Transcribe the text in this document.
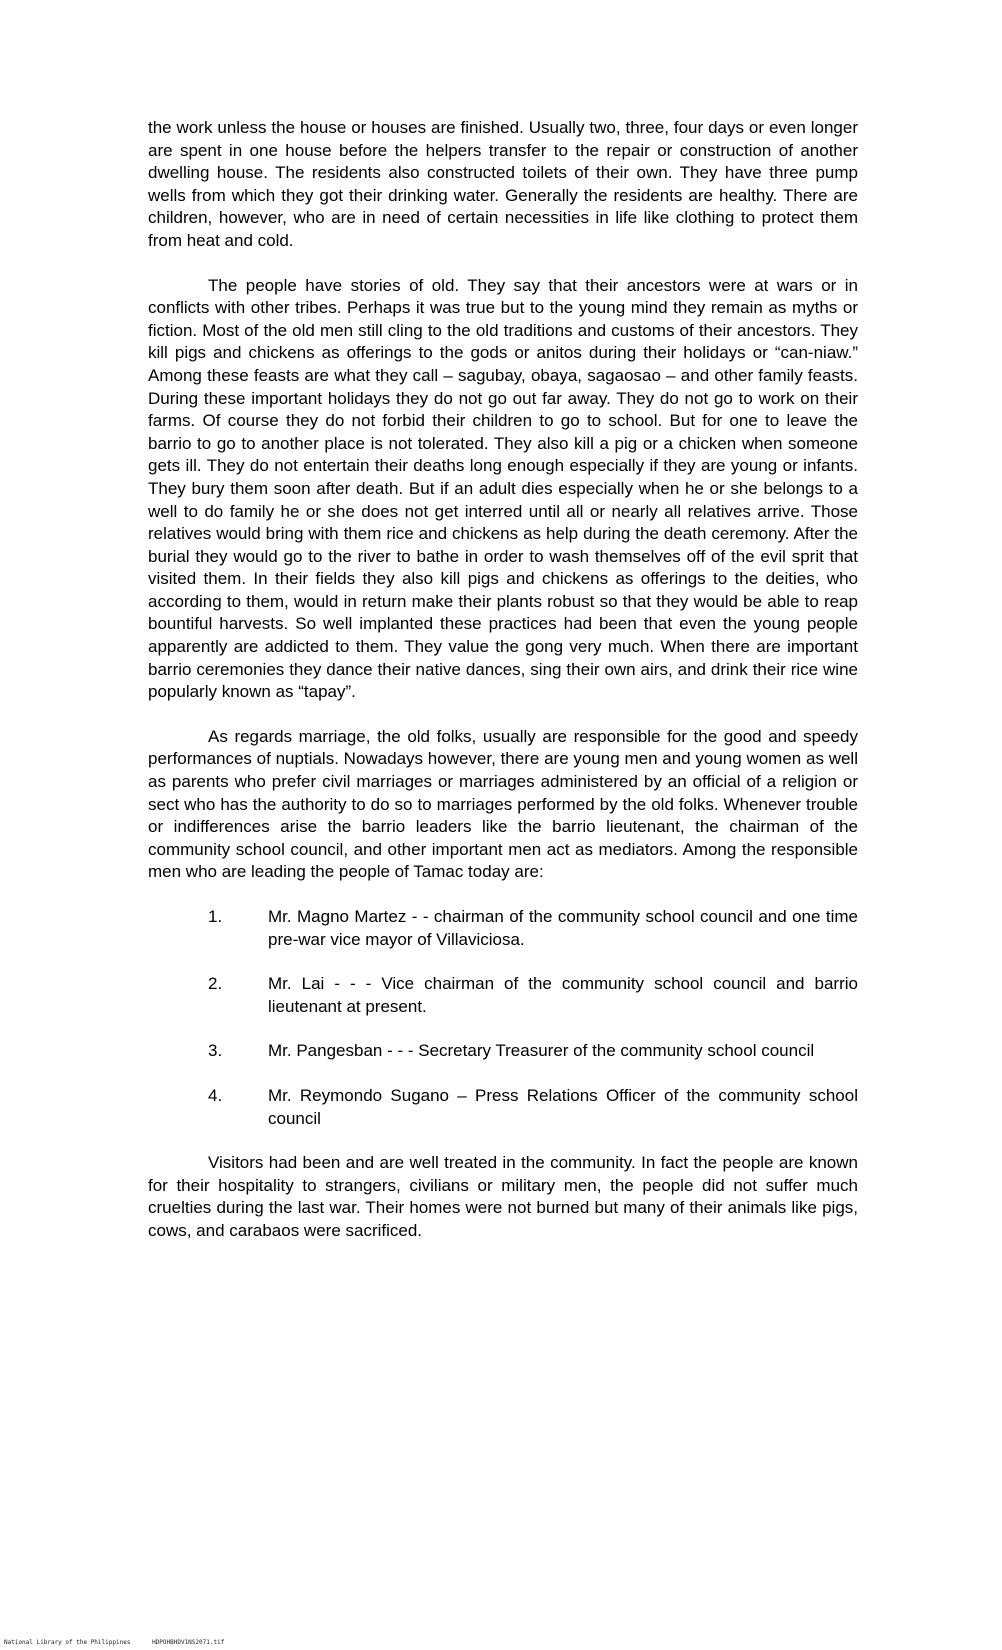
the work unless the house or houses are finished. Usually two, three, four days or even longer are spent in one house before the helpers transfer to the repair or construction of another dwelling house. The residents also constructed toilets of their own. They have three pump wells from which they got their drinking water. Generally the residents are healthy. There are children, however, who are in need of certain necessities in life like clothing to protect them from heat and cold.

The people have stories of old. They say that their ancestors were at wars or in conflicts with other tribes. Perhaps it was true but to the young mind they remain as myths or fiction. Most of the old men still cling to the old traditions and customs of their ancestors. They kill pigs and chickens as offerings to the gods or anitos during their holidays or “can-niaw.” Among these feasts are what they call – sagubay, obaya, sagaosao – and other family feasts. During these important holidays they do not go out far away. They do not go to work on their farms. Of course they do not forbid their children to go to school. But for one to leave the barrio to go to another place is not tolerated. They also kill a pig or a chicken when someone gets ill. They do not entertain their deaths long enough especially if they are young or infants. They bury them soon after death. But if an adult dies especially when he or she belongs to a well to do family he or she does not get interred until all or nearly all relatives arrive. Those relatives would bring with them rice and chickens as help during the death ceremony. After the burial they would go to the river to bathe in order to wash themselves off of the evil sprit that visited them. In their fields they also kill pigs and chickens as offerings to the deities, who according to them, would in return make their plants robust so that they would be able to reap bountiful harvests. So well implanted these practices had been that even the young people apparently are addicted to them. They value the gong very much. When there are important barrio ceremonies they dance their native dances, sing their own airs, and drink their rice wine popularly known as “tapay”.

As regards marriage, the old folks, usually are responsible for the good and speedy performances of nuptials. Nowadays however, there are young men and young women as well as parents who prefer civil marriages or marriages administered by an official of a religion or sect who has the authority to do so to marriages performed by the old folks. Whenever trouble or indifferences arise the barrio leaders like the barrio lieutenant, the chairman of the community school council, and other important men act as mediators. Among the responsible men who are leading the people of Tamac today are:

1.	Mr. Magno Martez - - chairman of the community school council and one time pre-war vice mayor of Villaviciosa.
2.	Mr. Lai - - - Vice chairman of the community school council and barrio lieutenant at present.
3.	Mr. Pangesban - - - Secretary Treasurer of the community school council
4.	Mr. Reymondo Sugano – Press Relations Officer of the community school council

Visitors had been and are well treated in the community. In fact the people are known for their hospitality to strangers, civilians or military men, the people did not suffer much cruelties during the last war. Their homes were not burned but many of their animals like pigs, cows, and carabaos were sacrificed.

National Library of the Philippines	HDPOHBHDV1NS2071.tif
